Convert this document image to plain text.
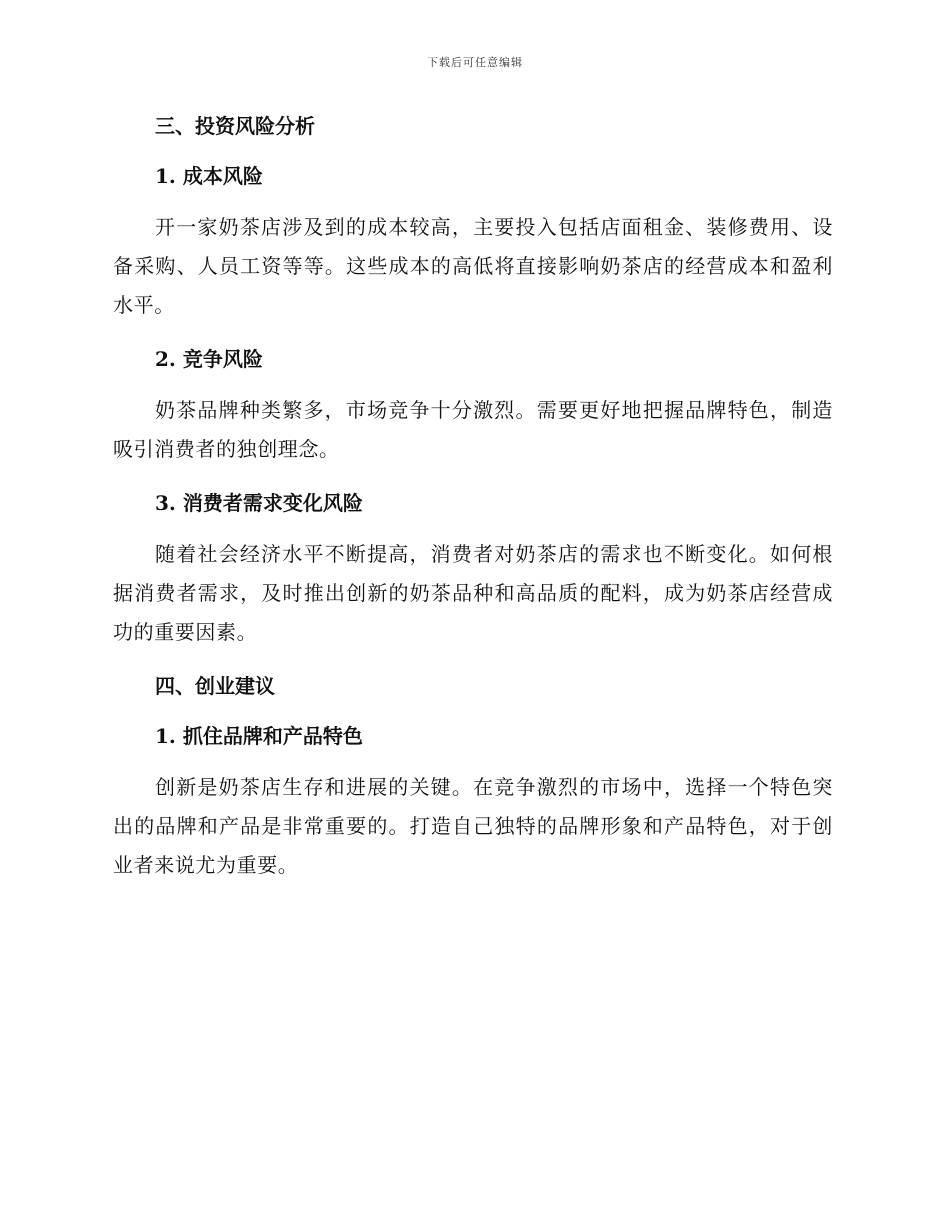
下载后可任意编辑
三、投资风险分析
1. 成本风险

开一家奶茶店涉及到的成本较高，主要投入包括店面租金、装修费用、设备采购、人员工资等等。这些成本的高低将直接影响奶茶店的经营成本和盈利水平。

2. 竞争风险

奶茶品牌种类繁多，市场竞争十分激烈。需要更好地把握品牌特色，制造吸引消费者的独创理念。

3. 消费者需求变化风险

随着社会经济水平不断提高，消费者对奶茶店的需求也不断变化。如何根据消费者需求，及时推出创新的奶茶品种和高品质的配料，成为奶茶店经营成功的重要因素。

四、创业建议
1. 抓住品牌和产品特色

创新是奶茶店生存和进展的关键。在竞争激烈的市场中，选择一个特色突出的品牌和产品是非常重要的。打造自己独特的品牌形象和产品特色，对于创业者来说尤为重要。
